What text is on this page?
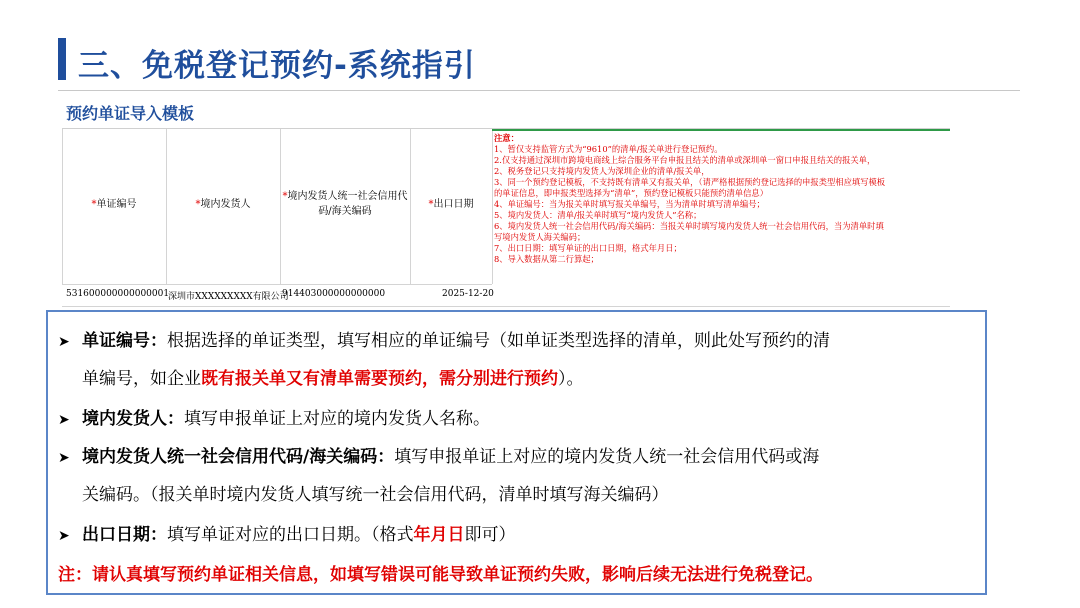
三、免税登记预约-系统指引
预约单证导入模板
*单证编号	*境内发货人
*境内发货人统一社会信用代
码/海关编码
*出口日期
531600000000000001
深圳市XXXXXXXXX有限公司
914403000000000000	2025-12-20
注意：
1、暂仅支持监管方式为“9610”的清单/报关单进行登记预约。
2.仅支持通过深圳市跨境电商线上综合服务平台申报且结关的清单或深圳单一窗口申报且结关的报关单，
2、税务登记只支持境内发货人为深圳企业的清单/报关单，
3、同一个预约登记模板，不支持既有清单又有报关单，（请严格根据预约登记选择的申报类型相应填写模板
的单证信息，即申报类型选择为“清单”，预约登记模板只能预约清单信息）
4、单证编号：当为报关单时填写报关单编号，当为清单时填写清单编号；
5、境内发货人：清单/报关单时填写“境内发货人”名称；
6、境内发货人统一社会信用代码/海关编码：当报关单时填写境内发货人统一社会信用代码，当为清单时填
写境内发货人海关编码；
7、出口日期：填写单证的出口日期，格式年月日；
8、导入数据从第二行算起；
➤ 单证编号：根据选择的单证类型，填写相应的单证编号（如单证类型选择的清单，则此处写预约的清
单编号，如企业既有报关单又有清单需要预约，需分别进行预约）。
➤ 境内发货人：填写申报单证上对应的境内发货人名称。
➤ 境内发货人统一社会信用代码/海关编码：填写申报单证上对应的境内发货人统一社会信用代码或海
关编码。（报关单时境内发货人填写统一社会信用代码，清单时填写海关编码）
➤ 出口日期：填写单证对应的出口日期。（格式年月日即可）
注：请认真填写预约单证相关信息，如填写错误可能导致单证预约失败，影响后续无法进行免税登记。
